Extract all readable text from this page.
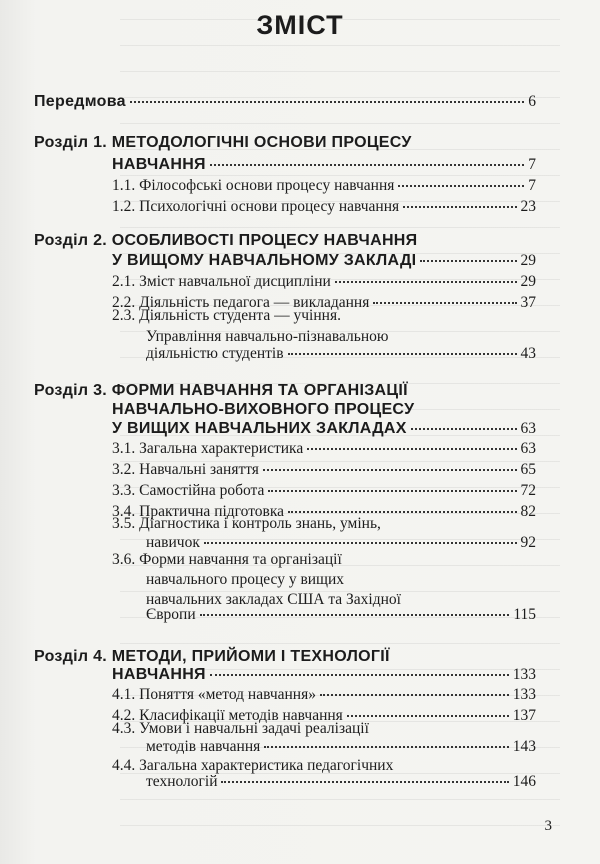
ЗМІСТ
Передмова	6
Розділ 1. МЕТОДОЛОГІЧНІ ОСНОВИ ПРОЦЕСУ
НАВЧАННЯ	7
1.1. Філософські основи процесу навчання	7
1.2. Психологічні основи процесу навчання	23
Розділ 2. ОСОБЛИВОСТІ ПРОЦЕСУ НАВЧАННЯ
У ВИЩОМУ НАВЧАЛЬНОМУ ЗАКЛАДІ	29
2.1. Зміст навчальної дисципліни	29
2.2. Діяльність педагога — викладання	37
2.3. Діяльність студента — учіння.
Управління навчально-пізнавальною
діяльністю студентів	43
Розділ 3. ФОРМИ НАВЧАННЯ ТА ОРГАНІЗАЦІЇ
НАВЧАЛЬНО-ВИХОВНОГО ПРОЦЕСУ
У ВИЩИХ НАВЧАЛЬНИХ ЗАКЛАДАХ	63
3.1. Загальна характеристика	63
3.2. Навчальні заняття	65
3.3. Самостійна робота	72
3.4. Практична підготовка	82
3.5. Діагностика і контроль знань, умінь,
навичок	92
3.6. Форми навчання та організації
навчального процесу у вищих
навчальних закладах США та Західної
Європи	115
Розділ 4. МЕТОДИ, ПРИЙОМИ І ТЕХНОЛОГІЇ
НАВЧАННЯ	133
4.1. Поняття «метод навчання»	133
4.2. Класифікації методів навчання	137
4.3. Умови і навчальні задачі реалізації
методів навчання	143
4.4. Загальна характеристика педагогічних
технологій	146
3
